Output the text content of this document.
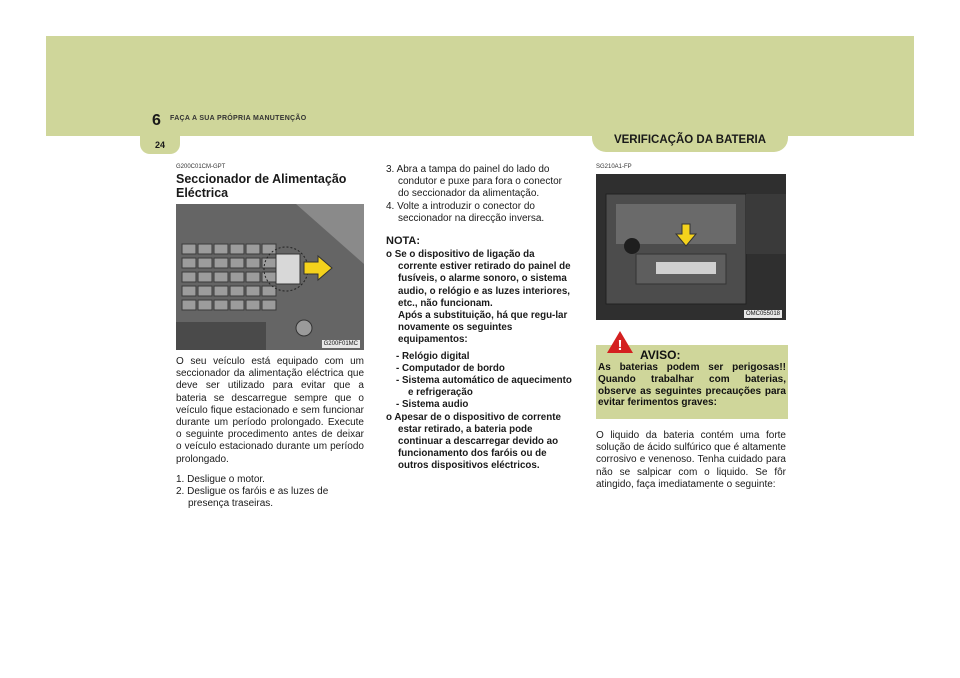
6 FAÇA A SUA PRÓPRIA MANUTENÇÃO
24	VERIFICAÇÃO DA BATERIA
G200C01CM-GPT
Seccionador de Alimentação Eléctrica
G200F01MC

O seu veículo está equipado com um seccionador da alimentação eléctrica que deve ser utilizado para evitar que a bateria se descarregue sempre que o veículo fique estacionado e sem funcionar durante um período prolongado. Execute o seguinte procedimento antes de deixar o veículo estacionado durante um período prolongado.

1. Desligue o motor.
2. Desligue os faróis e as luzes de presença traseiras.
3. Abra a tampa do painel do lado do condutor e puxe para fora o conector do seccionador da alimentação.
4. Volte a introduzir o conector do seccionador na direcção inversa.
NOTA:

o Se o dispositivo de ligação da corrente estiver retirado do painel de fusíveis, o alarme sonoro, o sistema audio, o relógio e as luzes interiores, etc., não funcionam.

Após a substituição, há que regu-lar novamente os seguintes equipamentos:

- Relógio digital
- Computador de bordo
- Sistema automático de aquecimento e refrigeração
- Sistema audio

o Apesar de o dispositivo de corrente estar retirado, a bateria pode continuar a descarregar devido ao funcionamento dos faróis ou de outros dispositivos eléctricos.

SG210A1-FP
OMC055018
!
AVISO:
As baterias podem ser perigosas!! Quando trabalhar com baterias, observe as seguintes precauções para evitar ferimentos graves:

O liquido da bateria contém uma forte solução de ácido sulfúrico que é altamente corrosivo e venenoso. Tenha cuidado para não se salpicar com o liquido. Se fôr atingido, faça imediatamente o seguinte:
